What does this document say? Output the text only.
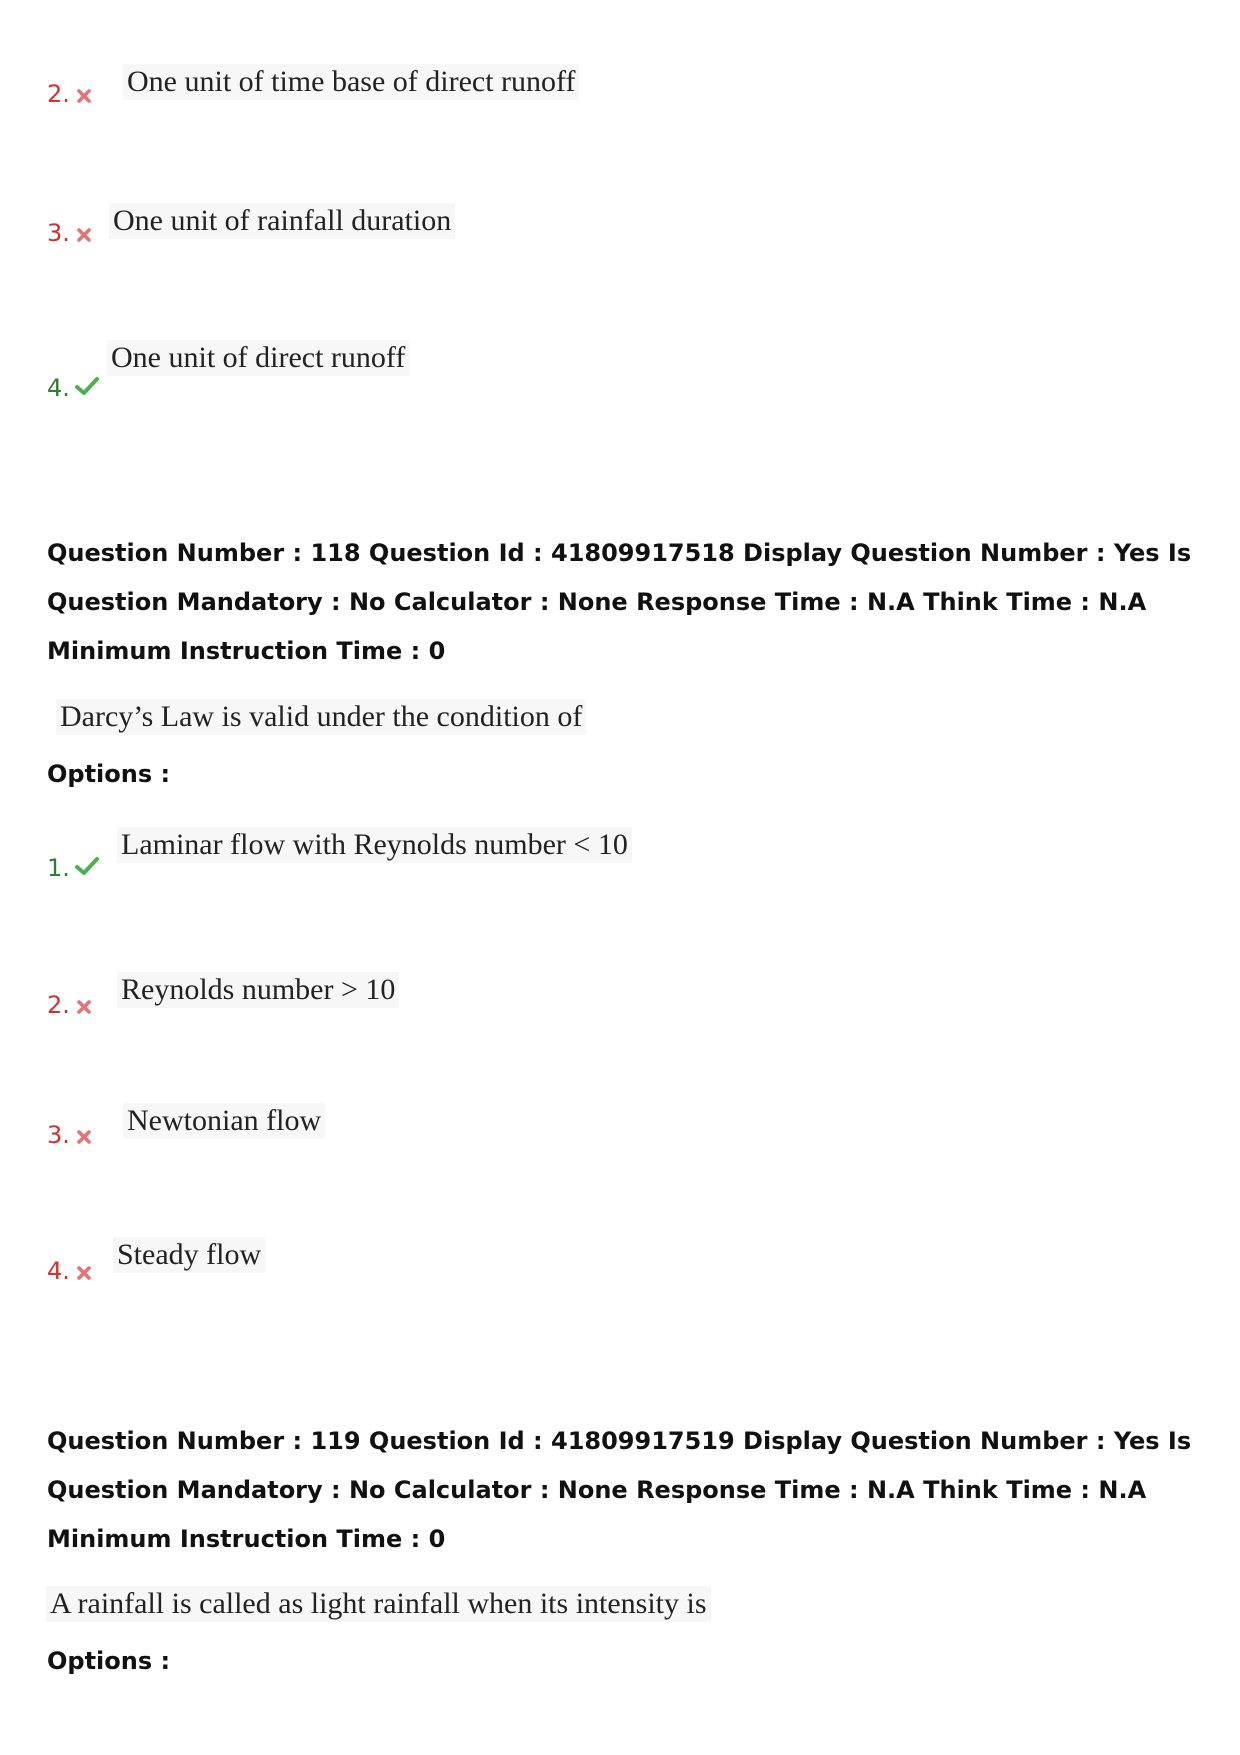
2. One unit of time base of direct runoff
3. One unit of rainfall duration
4.
One unit of direct runoff
Question Number : 118 Question Id : 41809917518 Display Question Number : Yes Is Question Mandatory : No Calculator : None Response Time : N.A Think Time : N.A Minimum Instruction Time : 0
Darcy’s Law is valid under the condition of
Options :
1.
Laminar flow with Reynolds number < 10
2. Reynolds number > 10
3. Newtonian flow
4. Steady flow
Question Number : 119 Question Id : 41809917519 Display Question Number : Yes Is Question Mandatory : No Calculator : None Response Time : N.A Think Time : N.A Minimum Instruction Time : 0
A rainfall is called as light rainfall when its intensity is
Options :
